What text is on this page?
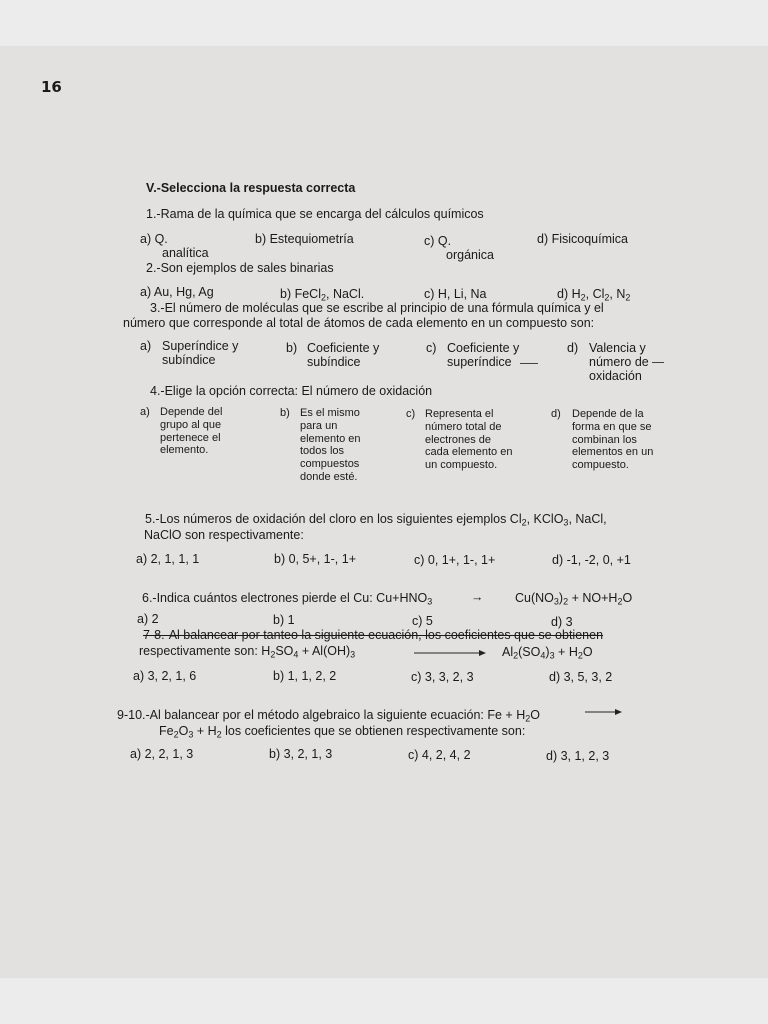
16
V.-Selecciona la respuesta correcta
1.-Rama de la química que se encarga del cálculos químicos
a) Q.
analítica
b) Estequiometría	c) Q.
orgánica
d) Fisicoquímica
2.-Son ejemplos de sales binarias
a) Au, Hg, Ag	b) FeCl$_2$, NaCl.	c) H, Li, Na	d) $H_2$, $Cl_2$, $N_2$
3.-El número de moléculas que se escribe al principio de una fórmula química y el
número que corresponde al total de átomos de cada elemento en un compuesto son:
a) Superíndice y
subíndice
b) Coeficiente y
subíndice
c) Coeficiente y
superíndice
d) Valencia y
número de
oxidación
4.-Elige la opción correcta: El número de oxidación
a) Depende del grupo al que pertenece el elemento.
b) Es el mismo para un elemento en todos los compuestos donde esté.
c) Representa el número total de electrones de cada elemento en un compuesto.
d) Depende de la forma en que se combinan los elementos en un compuesto.
5.-Los números de oxidación del cloro en los siguientes ejemplos $Cl_2$, KClO$_3$, NaCl,
NaClO son respectivamente:
a) 2, 1, 1, 1	b) 0, 5+, 1-, 1+	c) 0, 1+, 1-, 1+	d) -1, -2, 0, +1
6.-Indica cuántos electrones pierde el Cu: $Cu+HNO_3$	→	$Cu(NO_3)_2 + NO+H_2O$
a) 2	b) 1	c) 5	d) 3
7-8.-Al balancear por tanteo la siguiente ecuación, los coeficientes que se obtienen
respectivamente son: $H_2SO_4 + Al(OH)_3$	$Al_2(SO_4)_3 + H_2O$
a) 3, 2, 1, 6	b) 1, 1, 2, 2	c) 3, 3, 2, 3	d) 3, 5, 3, 2
9-10.-Al balancear por el método algebraico la siguiente ecuación: $Fe + H_2O$
$Fe_2O_3 + H_2$ los coeficientes que se obtienen respectivamente son:
a) 2, 2, 1, 3	b) 3, 2, 1, 3	c) 4, 2, 4, 2	d) 3, 1, 2, 3
